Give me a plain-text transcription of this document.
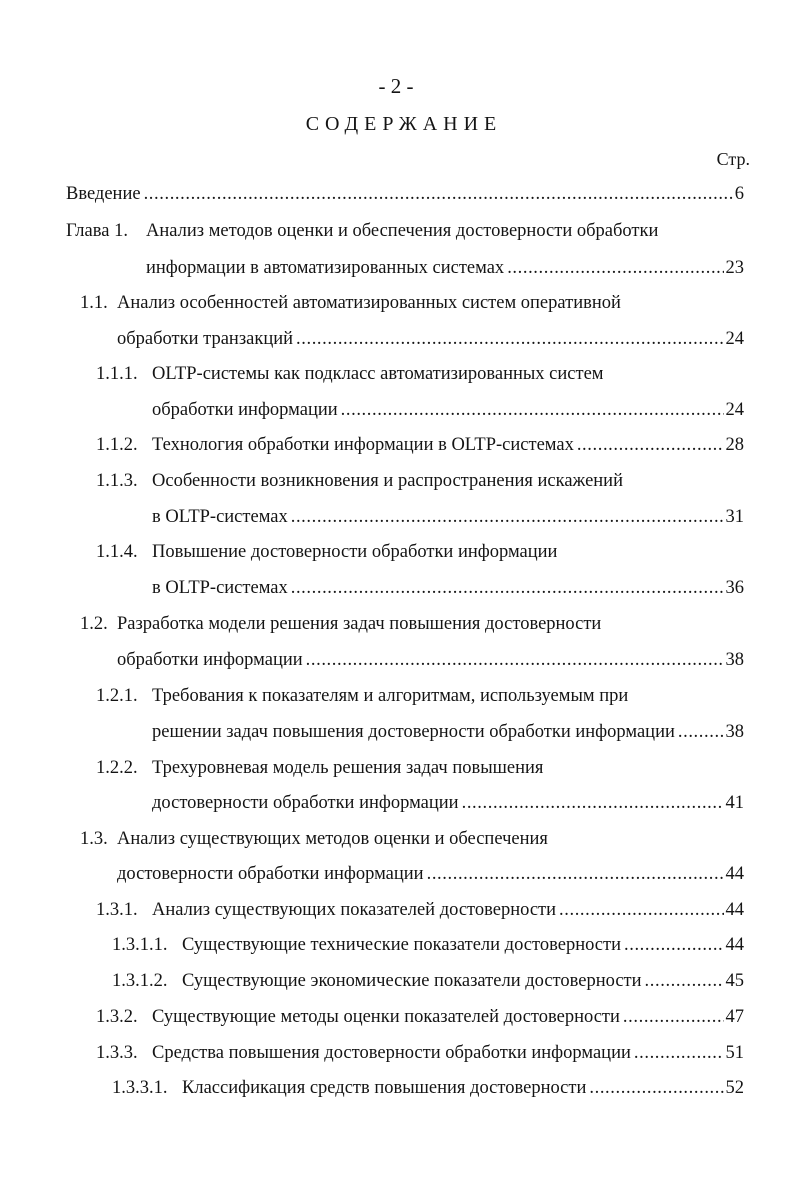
- 2 -
СОДЕРЖАНИЕ
Стр.
Введение .....	6
Глава 1. Анализ методов оценки и обеспечения достоверности обработки
информации в автоматизированных системах .....	23
1.1. Анализ особенностей автоматизированных систем оперативной
обработки транзакций .....	24
1.1.1. OLTP-системы как подкласс автоматизированных систем
обработки информации .....	24
1.1.2. Технология обработки информации в OLTP-системах .....	28
1.1.3. Особенности возникновения и распространения искажений
в OLTP-системах .....	31
1.1.4. Повышение достоверности обработки информации
в OLTP-системах .....	36
1.2. Разработка модели решения задач повышения достоверности
обработки информации .....	38
1.2.1. Требования к показателям и алгоритмам, используемым при
решении задач повышения достоверности обработки информации .....	38
1.2.2. Трехуровневая модель решения задач повышения
достоверности обработки информации .....	41
1.3. Анализ существующих методов оценки и обеспечения
достоверности обработки информации .....	44
1.3.1. Анализ существующих показателей достоверности .....	44
1.3.1.1. Существующие технические показатели достоверности .....	44
1.3.1.2. Существующие экономические показатели достоверности .....	45
1.3.2. Существующие методы оценки показателей достоверности .....	47
1.3.3. Средства повышения достоверности обработки информации .....	51
1.3.3.1. Классификация средств повышения достоверности .....	52
